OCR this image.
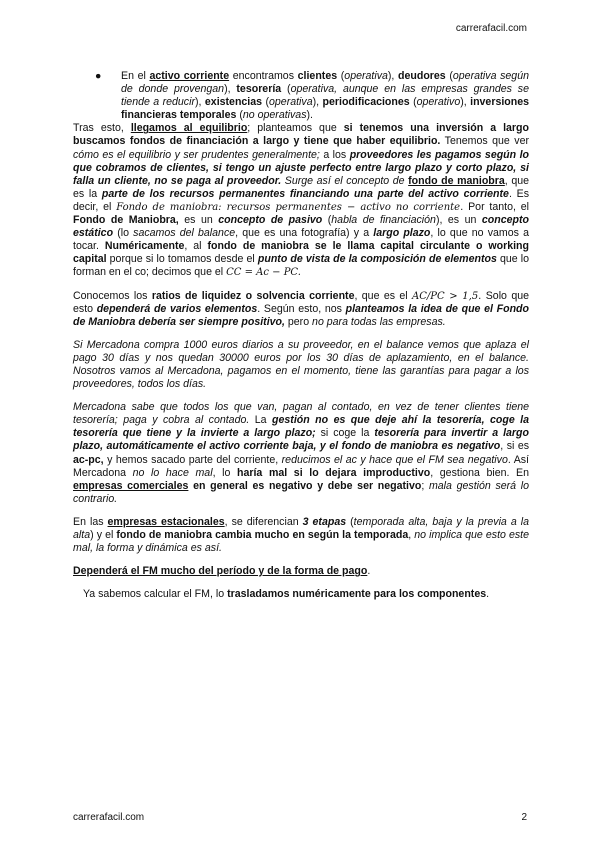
carrerafacil.com
● En el activo corriente encontramos clientes (operativa), deudores (operativa según de donde provengan), tesorería (operativa, aunque en las empresas grandes se tiende a reducir), existencias (operativa), periodificaciones (operativo), inversiones financieras temporales (no operativas).

Tras esto, llegamos al equilibrio; planteamos que si tenemos una inversión a largo buscamos fondos de financiación a largo y tiene que haber equilibrio. Tenemos que ver cómo es el equilibrio y ser prudentes generalmente; a los proveedores les pagamos según lo que cobramos de clientes, si tengo un ajuste perfecto entre largo plazo y corto plazo, si falla un cliente, no se paga al proveedor. Surge así el concepto de fondo de maniobra, que es la parte de los recursos permanentes financiando una parte del activo corriente. Es decir, el Fondo de maniobra: recursos permanentes − activo no corriente. Por tanto, el Fondo de Maniobra, es un concepto de pasivo (habla de financiación), es un concepto estático (lo sacamos del balance, que es una fotografía) y a largo plazo, lo que no vamos a tocar. Numéricamente, al fondo de maniobra se le llama capital circulante o working capital porque si lo tomamos desde el punto de vista de la composición de elementos que lo forman en el co; decimos que el CC = Ac − PC.

Conocemos los ratios de liquidez o solvencia corriente, que es el AC/PC > 1,5. Solo que esto dependerá de varios elementos. Según esto, nos planteamos la idea de que el Fondo de Maniobra debería ser siempre positivo, pero no para todas las empresas.

Si Mercadona compra 1000 euros diarios a su proveedor, en el balance vemos que aplaza el pago 30 días y nos quedan 30000 euros por los 30 días de aplazamiento, en el balance. Nosotros vamos al Mercadona, pagamos en el momento, tiene las garantías para pagar a los proveedores, todos los días.

Mercadona sabe que todos los que van, pagan al contado, en vez de tener clientes tiene tesorería; paga y cobra al contado. La gestión no es que deje ahí la tesorería, coge la tesorería que tiene y la invierte a largo plazo; si coge la tesorería para invertir a largo plazo, automáticamente el activo corriente baja, y el fondo de maniobra es negativo, si es ac-pc, y hemos sacado parte del corriente, reducimos el ac y hace que el FM sea negativo. Así Mercadona no lo hace mal, lo haría mal si lo dejara improductivo, gestiona bien. En empresas comerciales en general es negativo y debe ser negativo; mala gestión será lo contrario.

En las empresas estacionales, se diferencian 3 etapas (temporada alta, baja y la previa a la alta) y el fondo de maniobra cambia mucho en según la temporada, no implica que esto este mal, la forma y dinámica es así.

Dependerá el FM mucho del período y de la forma de pago.

Ya sabemos calcular el FM, lo trasladamos numéricamente para los componentes.

carrerafacil.com	2
